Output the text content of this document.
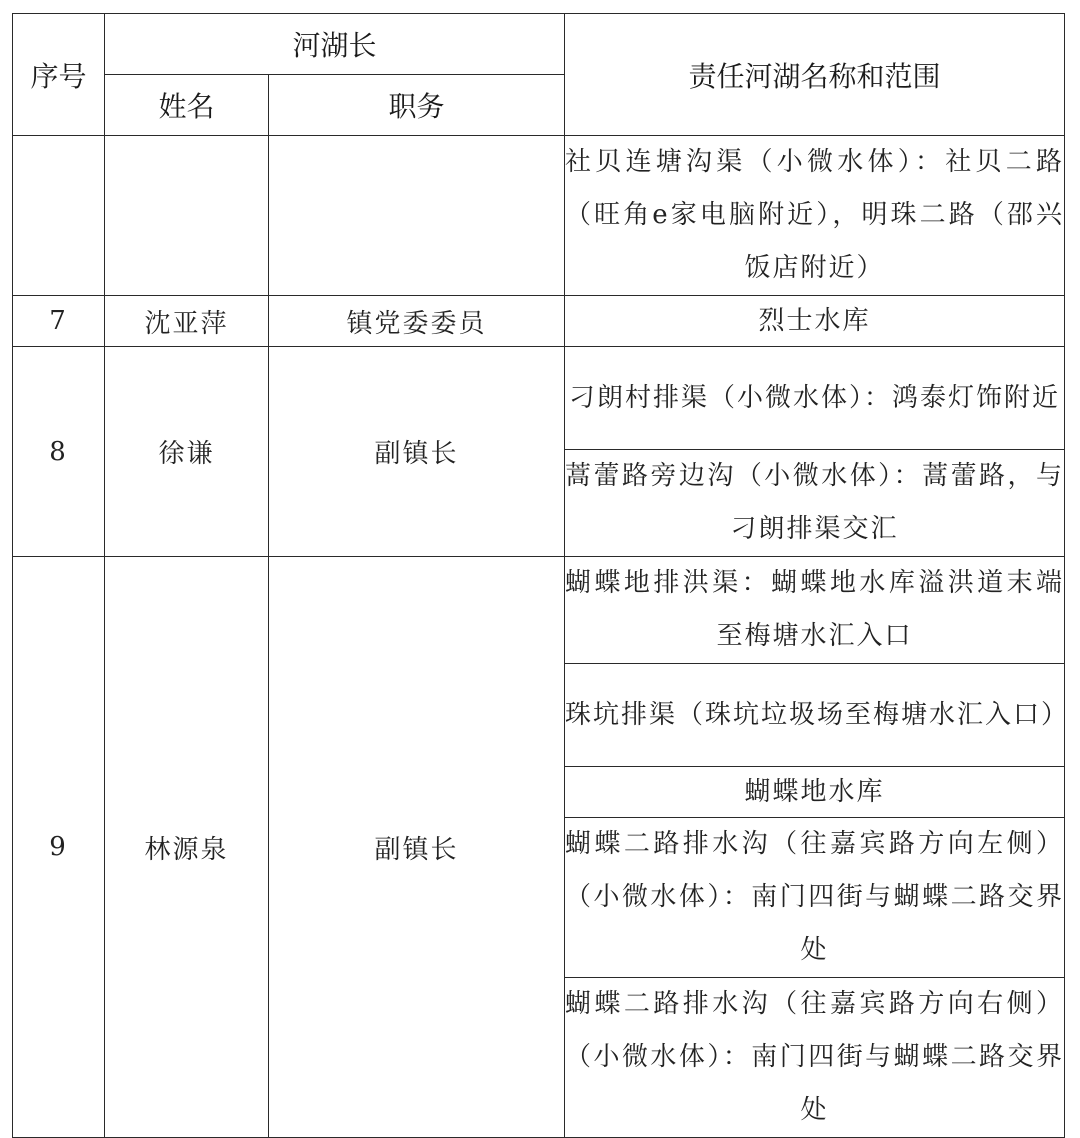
序号	河湖长		责任河湖名称和范围
	姓名	职务	

			社贝连塘沟渠（小微水体）：社贝二路（旺角e家电脑附近），明珠二路（邵兴饭店附近）

7	沈亚萍	镇党委委员	烈士水库

8	徐谦	副镇长	刁朗村排渠（小微水体）：鸿泰灯饰附近

			蒿蕾路旁边沟（小微水体）：蒿蕾路，与刁朗排渠交汇

9	林源泉	副镇长	蝴蝶地排洪渠：蝴蝶地水库溢洪道末端至梅塘水汇入口

			珠坑排渠（珠坑垃圾场至梅塘水汇入口）

			蝴蝶地水库

			蝴蝶二路排水沟（往嘉宾路方向左侧）（小微水体）：南门四街与蝴蝶二路交界处

			蝴蝶二路排水沟（往嘉宾路方向右侧）（小微水体）：南门四街与蝴蝶二路交界处
